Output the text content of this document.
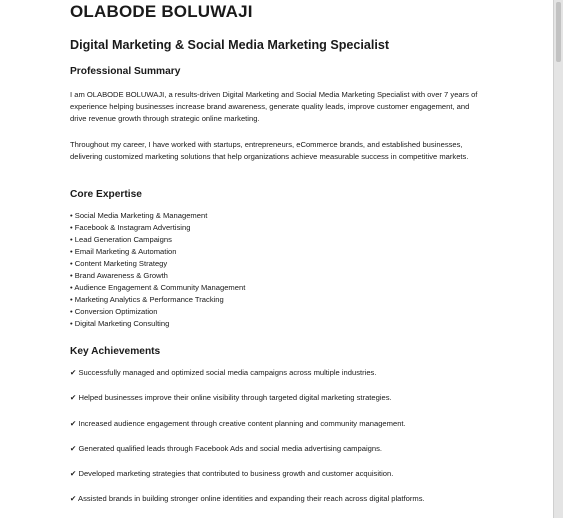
OLABODE BOLUWAJI
Digital Marketing & Social Media Marketing Specialist
Professional Summary

I am OLABODE BOLUWAJI, a results-driven Digital Marketing and Social Media Marketing Specialist with over 7 years of experience helping businesses increase brand awareness, generate quality leads, improve customer engagement, and drive revenue growth through strategic online marketing.

Throughout my career, I have worked with startups, entrepreneurs, eCommerce brands, and established businesses, delivering customized marketing solutions that help organizations achieve measurable success in competitive markets.

Core Expertise
• Social Media Marketing & Management
• Facebook & Instagram Advertising
• Lead Generation Campaigns
• Email Marketing & Automation
• Content Marketing Strategy
• Brand Awareness & Growth
• Audience Engagement & Community Management
• Marketing Analytics & Performance Tracking
• Conversion Optimization
• Digital Marketing Consulting
Key Achievements
✔ Successfully managed and optimized social media campaigns across multiple industries.
✔ Helped businesses improve their online visibility through targeted digital marketing strategies.
✔ Increased audience engagement through creative content planning and community management.
✔ Generated qualified leads through Facebook Ads and social media advertising campaigns.
✔ Developed marketing strategies that contributed to business growth and customer acquisition.
✔ Assisted brands in building stronger online identities and expanding their reach across digital platforms.
